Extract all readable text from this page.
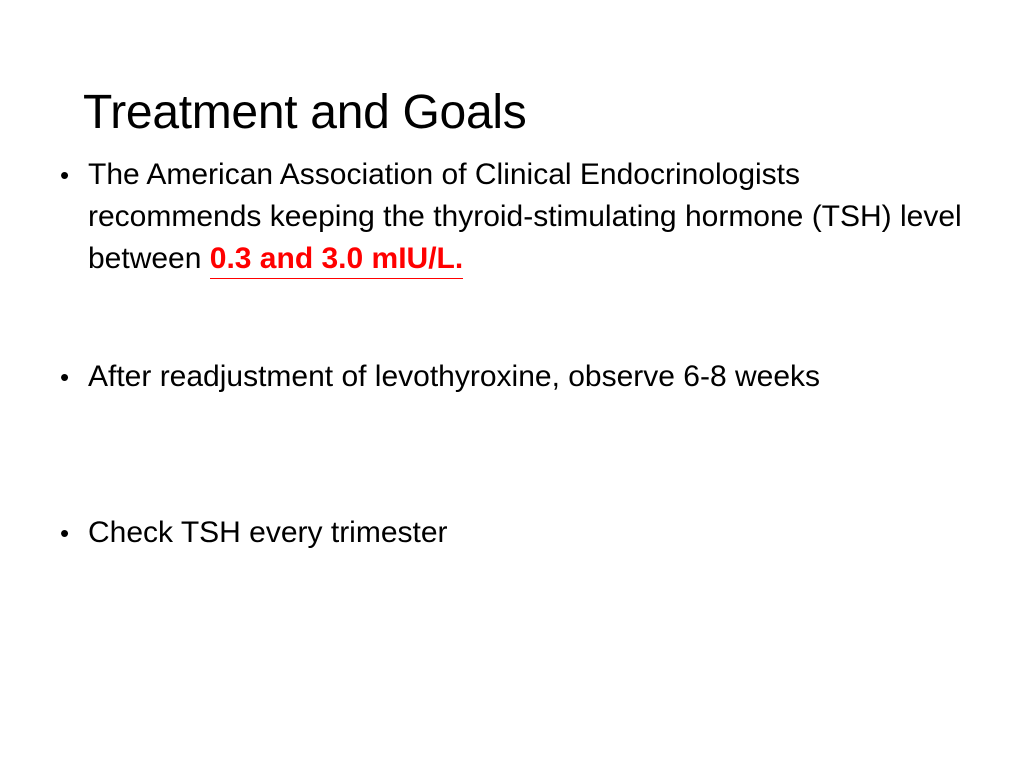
Treatment and Goals
• The American Association of Clinical Endocrinologists recommends keeping the thyroid-stimulating hormone (TSH) level between 0.3 and 3.0 mIU/L.
• After readjustment of levothyroxine, observe 6-8 weeks
• Check TSH every trimester
